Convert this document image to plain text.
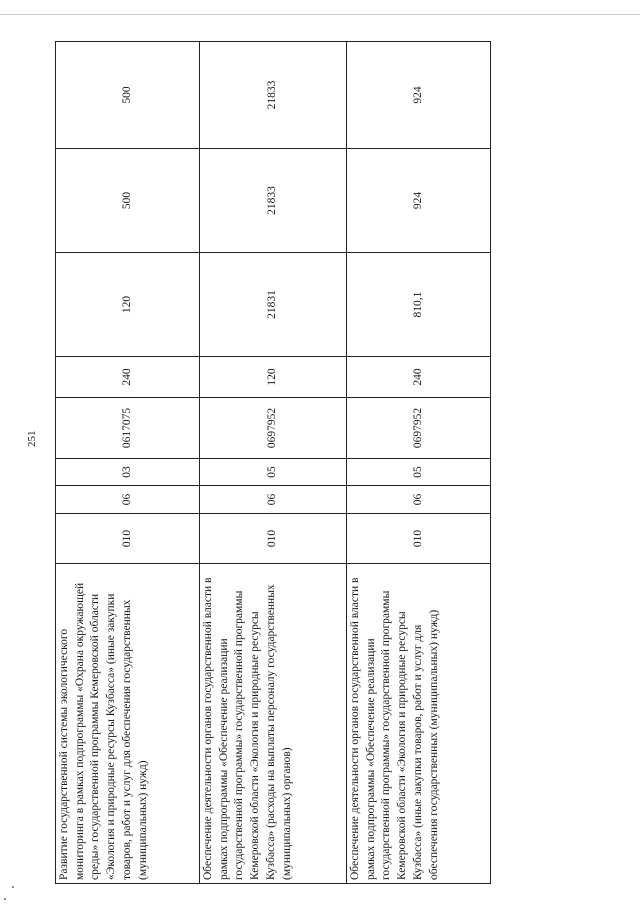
251
Развитие государственной системы экологического мониторинга в рамках подпрограммы «Охрана окружающей среды» государственной программы Кемеровской области «Экология и природные ресурсы Кузбасса» (иные закупки товаров, работ и услуг для обеспечения государственных (муниципальных) нужд)	010	06	03	0617075	240	120	500	500
Обеспечение деятельности органов государственной власти в рамках подпрограммы «Обеспечение реализации государственной программы» государственной программы Кемеровской области «Экология и природные ресурсы Кузбасса» (расходы на выплаты персоналу государственных (муниципальных) органов)	010	06	05	0697952	120	21831	21833	21833
Обеспечение деятельности органов государственной власти в рамках подпрограммы «Обеспечение реализации государственной программы» государственной программы Кемеровской области «Экология и природные ресурсы Кузбасса» (иные закупки товаров, работ и услуг для обеспечения государственных (муниципальных) нужд)	010	06	05	0697952	240	810,1	924	924
